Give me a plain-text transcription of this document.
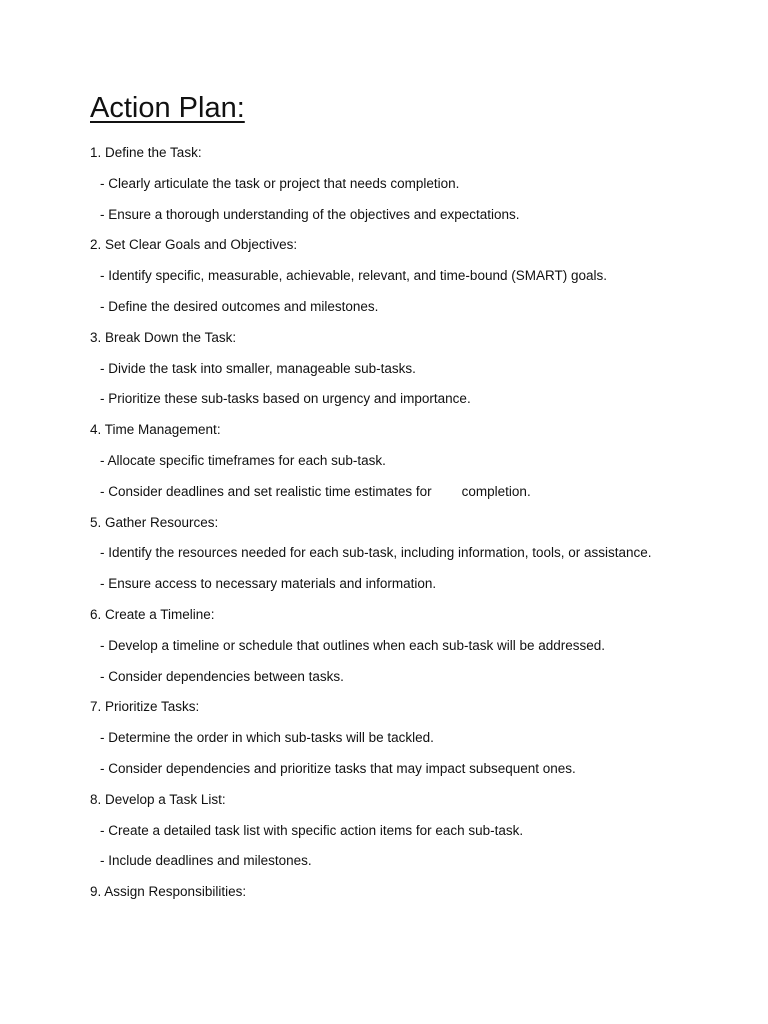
Action Plan:
1. Define the Task:
- Clearly articulate the task or project that needs completion.
- Ensure a thorough understanding of the objectives and expectations.
2. Set Clear Goals and Objectives:
- Identify specific, measurable, achievable, relevant, and time-bound (SMART) goals.
- Define the desired outcomes and milestones.
3. Break Down the Task:
- Divide the task into smaller, manageable sub-tasks.
- Prioritize these sub-tasks based on urgency and importance.
4. Time Management:
- Allocate specific timeframes for each sub-task.
- Consider deadlines and set realistic time estimates for        completion.
5. Gather Resources:
- Identify the resources needed for each sub-task, including information, tools, or assistance.
- Ensure access to necessary materials and information.
6. Create a Timeline:
- Develop a timeline or schedule that outlines when each sub-task will be addressed.
- Consider dependencies between tasks.
7. Prioritize Tasks:
- Determine the order in which sub-tasks will be tackled.
- Consider dependencies and prioritize tasks that may impact subsequent ones.
8. Develop a Task List:
- Create a detailed task list with specific action items for each sub-task.
- Include deadlines and milestones.
9. Assign Responsibilities:
